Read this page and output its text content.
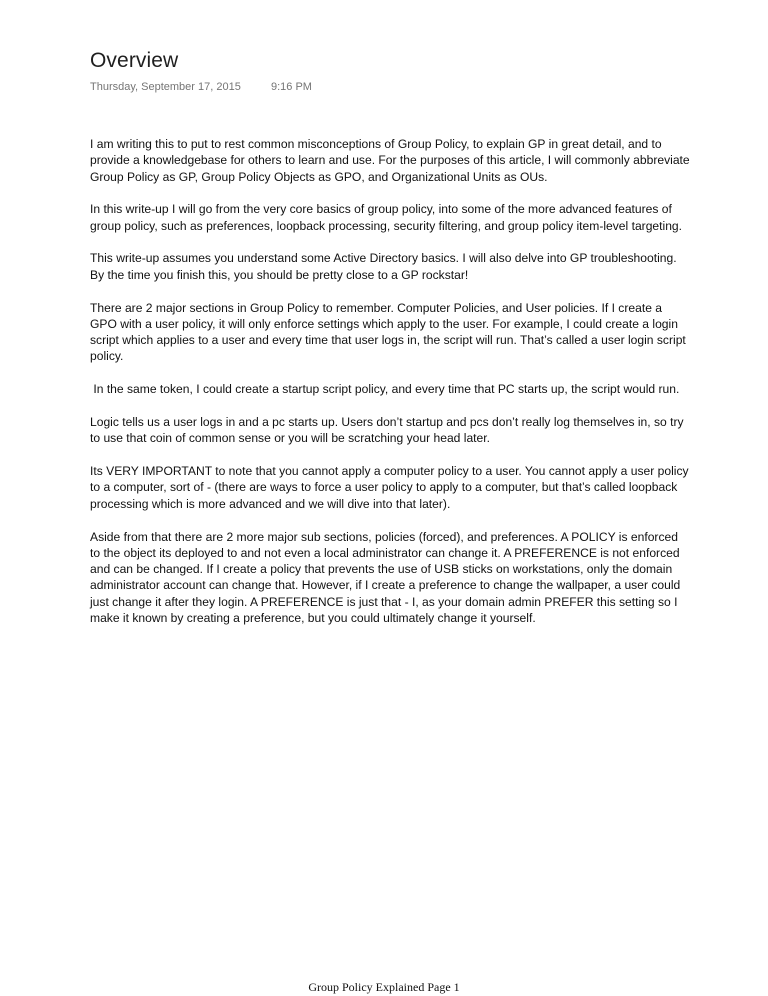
Overview
Thursday, September 17, 2015	9:16 PM

I am writing this to put to rest common misconceptions of Group Policy, to explain GP in great detail, and to provide a knowledgebase for others to learn and use. For the purposes of this article, I will commonly abbreviate Group Policy as GP, Group Policy Objects as GPO, and Organizational Units as OUs.

In this write-up I will go from the very core basics of group policy, into some of the more advanced features of group policy, such as preferences, loopback processing, security filtering, and group policy item-level targeting.

This write-up assumes you understand some Active Directory basics. I will also delve into GP troubleshooting. By the time you finish this, you should be pretty close to a GP rockstar!

There are 2 major sections in Group Policy to remember. Computer Policies, and User policies. If I create a GPO with a user policy, it will only enforce settings which apply to the user. For example, I could create a login script which applies to a user and every time that user logs in, the script will run. That’s called a user login script policy.

In the same token, I could create a startup script policy, and every time that PC starts up, the script would run.

Logic tells us a user logs in and a pc starts up. Users don’t startup and pcs don’t really log themselves in, so try to use that coin of common sense or you will be scratching your head later.

Its VERY IMPORTANT to note that you cannot apply a computer policy to a user. You cannot apply a user policy to a computer, sort of - (there are ways to force a user policy to apply to a computer, but that’s called loopback processing which is more advanced and we will dive into that later).

Aside from that there are 2 more major sub sections, policies (forced), and preferences. A POLICY is enforced to the object its deployed to and not even a local administrator can change it. A PREFERENCE is not enforced and can be changed. If I create a policy that prevents the use of USB sticks on workstations, only the domain administrator account can change that. However, if I create a preference to change the wallpaper, a user could just change it after they login. A PREFERENCE is just that - I, as your domain admin PREFER this setting so I make it known by creating a preference, but you could ultimately change it yourself.

Group Policy Explained Page 1
